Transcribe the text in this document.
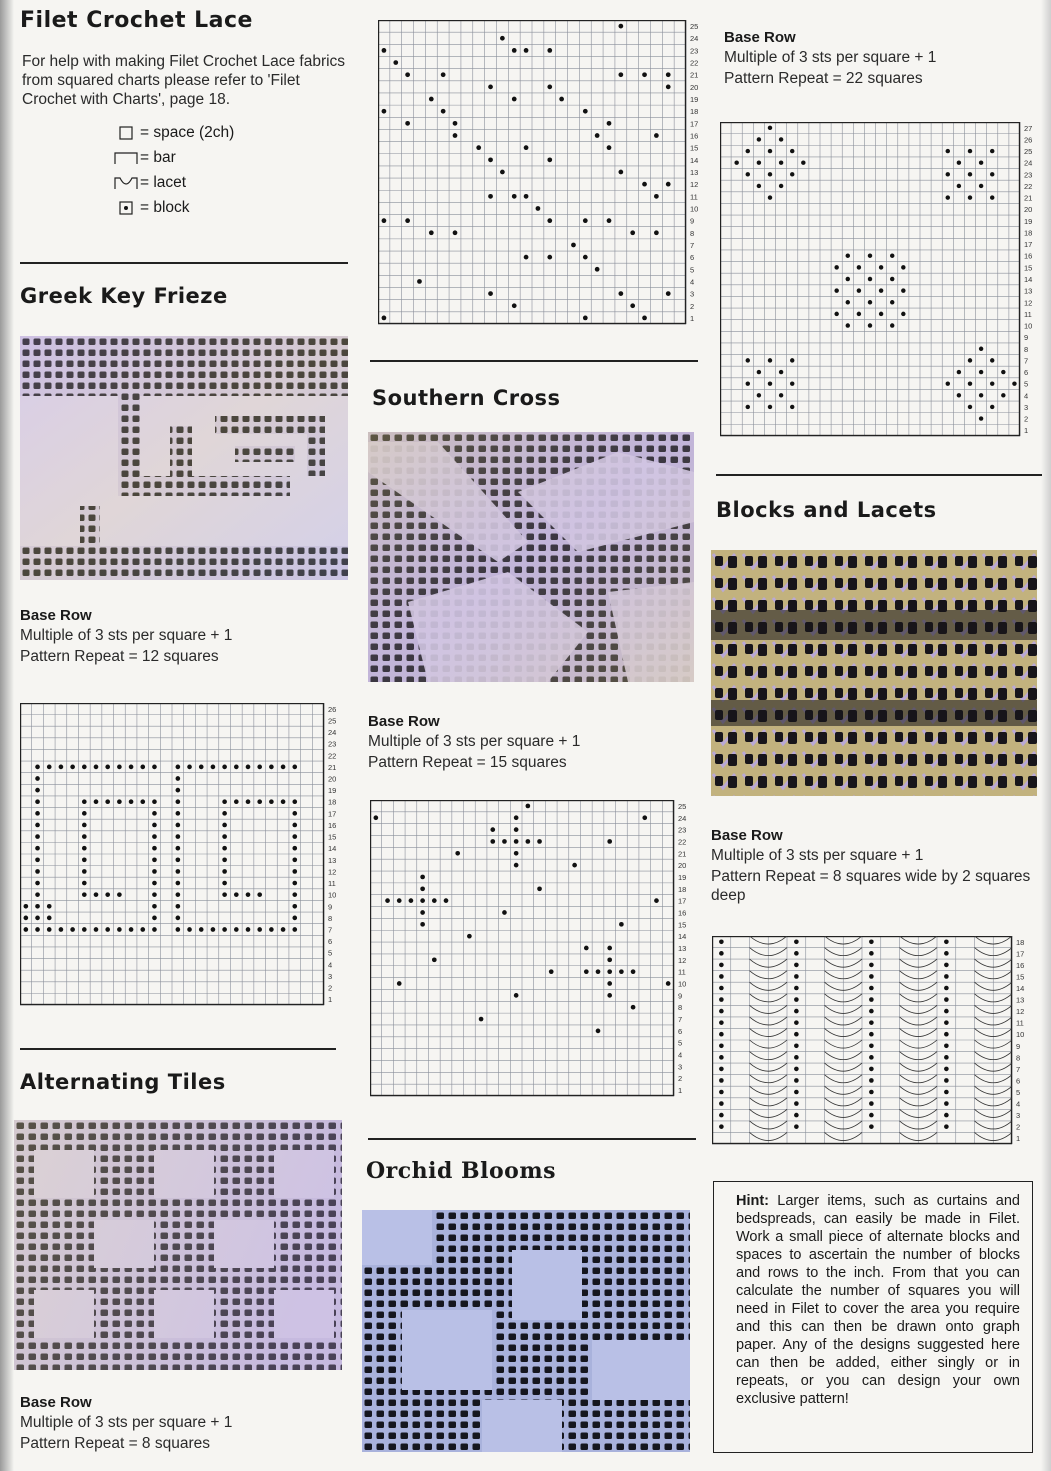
Filet Crochet Lace

For help with making Filet Crochet Lace fabrics from squared charts please refer to 'Filet Crochet with Charts', page 18.

= space (2ch)
= bar
= lacet
= block
Greek Key Frieze
Base Row
Multiple of 3 sts per square + 1
Pattern Repeat = 12 squares
1
2
3
4
5
6
7
8
9
10
11
12
13
14
15
16
17
18
19
20
21
22
23
24
25
26
Alternating Tiles
Base Row
Multiple of 3 sts per square + 1
Pattern Repeat = 8 squares
1
2
3
4
5
6
7
8
9
10
11
12
13
14
15
16
17
18
19
20
21
22
23
24
25
Southern Cross
Base Row
Multiple of 3 sts per square + 1
Pattern Repeat = 15 squares
1
2
3
4
5
6
7
8
9
10
11
12
13
14
15
16
17
18
19
20
21
22
23
24
25
Orchid Blooms
Base Row
Multiple of 3 sts per square + 1
Pattern Repeat = 22 squares
1
2
3
4
5
6
7
8
9
10
11
12
13
14
15
16
17
18
19
20
21
22
23
24
25
26
27
Blocks and Lacets
Base Row
Multiple of 3 sts per square + 1
Pattern Repeat = 8 squares wide by 2 squares deep
1
2
3
4
5
6
7
8
9
10
11
12
13
14
15
16
17
18
Hint: Larger items, such as curtains and bedspreads, can easily be made in Filet. Work a small piece of alternate blocks and spaces to ascertain the number of blocks and rows to the inch. From that you can calculate the number of squares you will need in Filet to cover the area you require and this can then be drawn onto graph paper. Any of the designs suggested here can then be added, either singly or in repeats, or you can design your own exclusive pattern!
